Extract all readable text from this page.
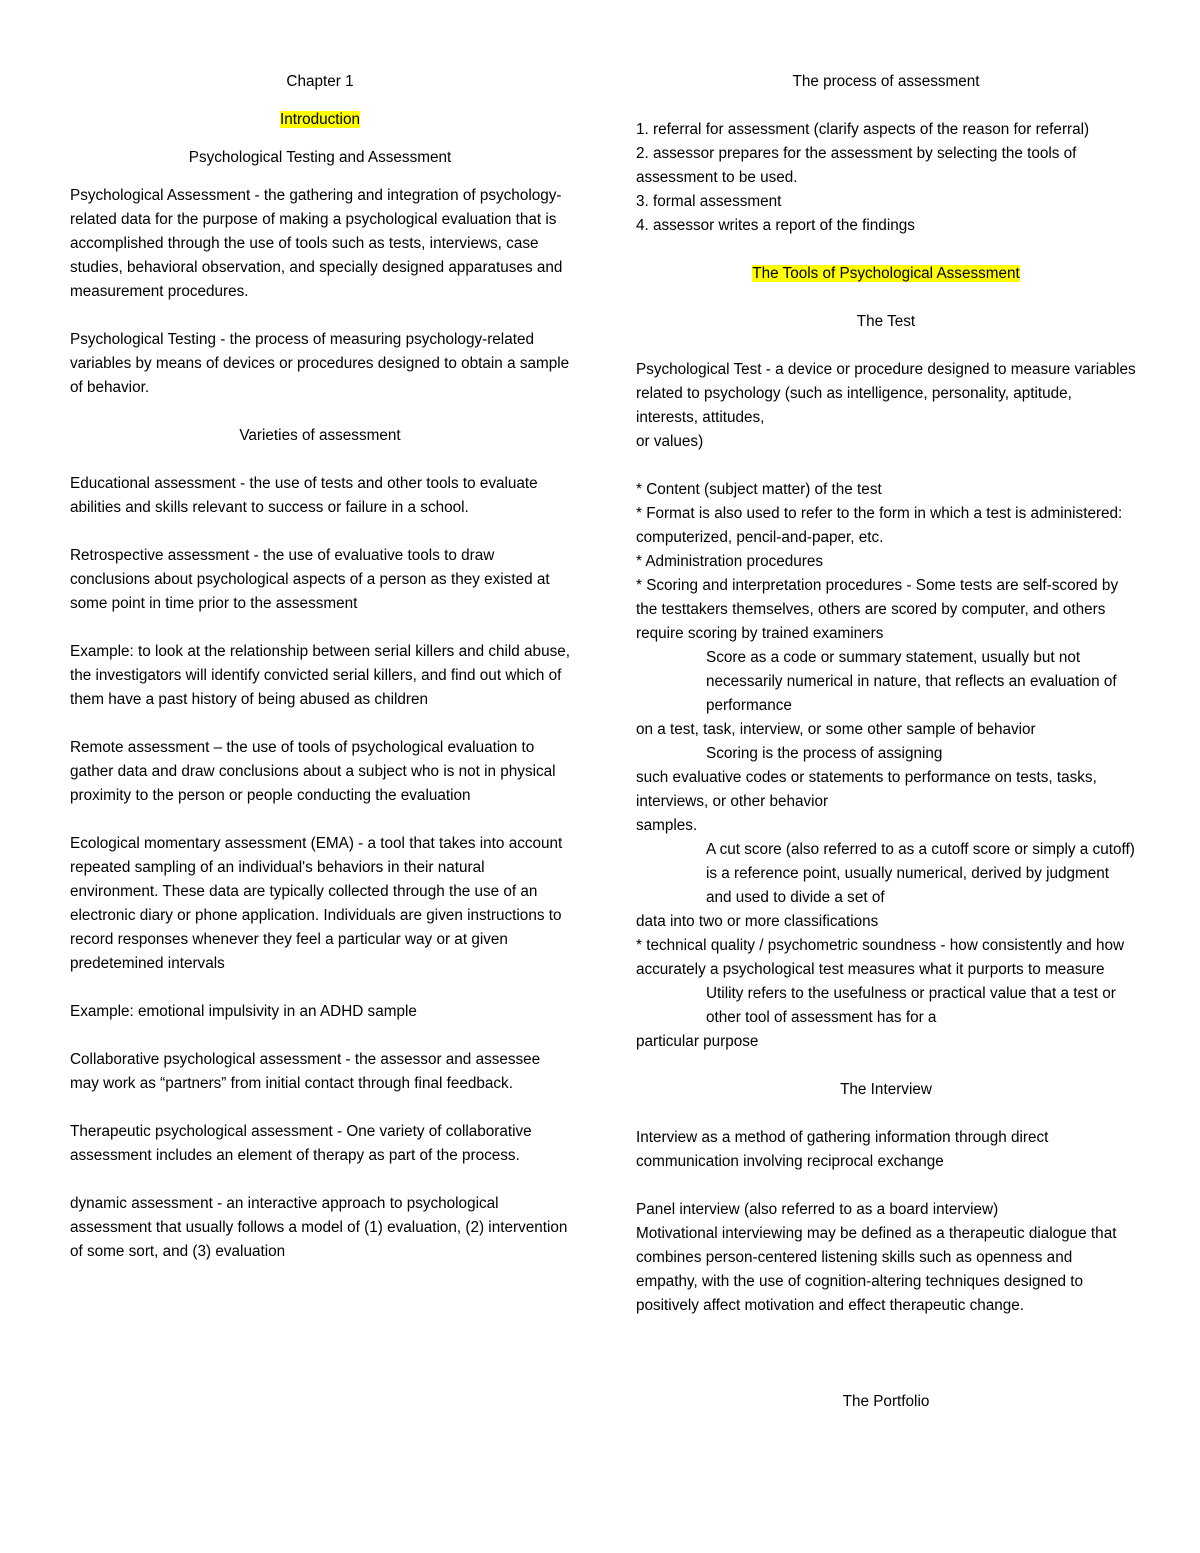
Chapter 1

Introduction

Psychological Testing and Assessment

Psychological Assessment - the gathering and integration of psychology-related data for the purpose of making a psychological evaluation that is accomplished through the use of tools such as tests, interviews, case studies, behavioral observation, and specially designed apparatuses and measurement procedures.

Psychological Testing - the process of measuring psychology-related variables by means of devices or procedures designed to obtain a sample of behavior.

Varieties of assessment

Educational assessment - the use of tests and other tools to evaluate abilities and skills relevant to success or failure in a school.

Retrospective assessment - the use of evaluative tools to draw conclusions about psychological aspects of a person as they existed at some point in time prior to the assessment

Example: to look at the relationship between serial killers and child abuse, the investigators will identify convicted serial killers, and find out which of them have a past history of being abused as children

Remote assessment – the use of tools of psychological evaluation to gather data and draw conclusions about a subject who is not in physical proximity to the person or people conducting the evaluation

Ecological momentary assessment (EMA) - a tool that takes into account repeated sampling of an individual's behaviors in their natural environment. These data are typically collected through the use of an electronic diary or phone application. Individuals are given instructions to record responses whenever they feel a particular way or at given predetemined intervals

Example: emotional impulsivity in an ADHD sample

Collaborative psychological assessment - the assessor and assessee may work as “partners” from initial contact through final feedback.

Therapeutic psychological assessment - One variety of collaborative assessment includes an element of therapy as part of the process.

dynamic assessment - an interactive approach to psychological assessment that usually follows a model of (1) evaluation, (2) intervention of some sort, and (3) evaluation

The process of assessment

1. referral for assessment (clarify aspects of the reason for referral)

2. assessor prepares for the assessment by selecting the tools of assessment to be used.

3. formal assessment

4. assessor writes a report of the findings

The Tools of Psychological Assessment

The Test

Psychological Test - a device or procedure designed to measure variables related to psychology (such as intelligence, personality, aptitude, interests, attitudes,

or values)

* Content (subject matter) of the test

* Format is also used to refer to the form in which a test is administered: computerized, pencil-and-paper, etc.

* Administration procedures

* Scoring and interpretation procedures - Some tests are self-scored by the testtakers themselves, others are scored by computer, and others require scoring by trained examiners

Score as a code or summary statement, usually but not necessarily numerical in nature, that reflects an evaluation of performance

on a test, task, interview, or some other sample of behavior

Scoring is the process of assigning

such evaluative codes or statements to performance on tests, tasks, interviews, or other behavior

samples.

A cut score (also referred to as a cutoff score or simply a cutoff) is a reference point, usually numerical, derived by judgment and used to divide a set of

data into two or more classifications

* technical quality / psychometric soundness - how consistently and how accurately a psychological test measures what it purports to measure

Utility refers to the usefulness or practical value that a test or other tool of assessment has for a

particular purpose

The Interview

Interview as a method of gathering information through direct communication involving reciprocal exchange

Panel interview (also referred to as a board interview)

Motivational interviewing may be defined as a therapeutic dialogue that combines person-centered listening skills such as openness and empathy, with the use of cognition-altering techniques designed to positively affect motivation and effect therapeutic change.

The Portfolio
